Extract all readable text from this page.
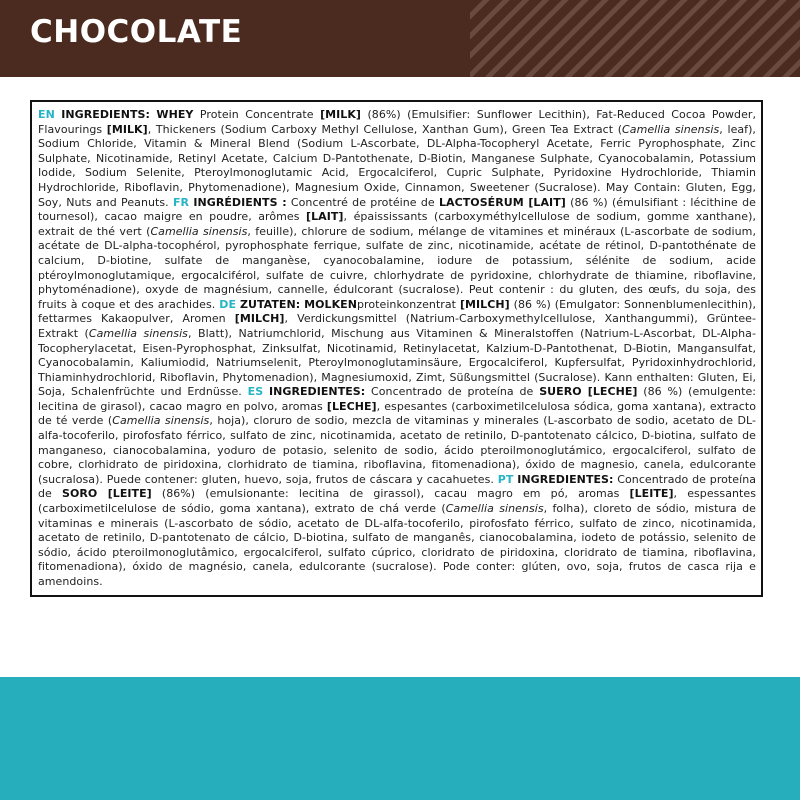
CHOCOLATE
EN INGREDIENTS: WHEY Protein Concentrate [MILK] (86%) (Emulsifier: Sunflower Lecithin), Fat-Reduced Cocoa Powder, Flavourings [MILK], Thickeners (Sodium Carboxy Methyl Cellulose, Xanthan Gum), Green Tea Extract (Camellia sinensis, leaf), Sodium Chloride, Vitamin & Mineral Blend (Sodium L-Ascorbate, DL-Alpha-Tocopheryl Acetate, Ferric Pyrophosphate, Zinc Sulphate, Nicotinamide, Retinyl Acetate, Calcium D-Pantothenate, D-Biotin, Manganese Sulphate, Cyanocobalamin, Potassium Iodide, Sodium Selenite, Pteroylmonoglutamic Acid, Ergocalciferol, Cupric Sulphate, Pyridoxine Hydrochloride, Thiamin Hydrochloride, Riboflavin, Phytomenadione), Magnesium Oxide, Cinnamon, Sweetener (Sucralose). May Contain: Gluten, Egg, Soy, Nuts and Peanuts. FR INGRÉDIENTS : Concentré de protéine de LACTOSÉRUM [LAIT] (86 %) (émulsifiant : lécithine de tournesol), cacao maigre en poudre, arômes [LAIT], épaississants (carboxyméthylcellulose de sodium, gomme xanthane), extrait de thé vert (Camellia sinensis, feuille), chlorure de sodium, mélange de vitamines et minéraux (L-ascorbate de sodium, acétate de DL-alpha-tocophérol, pyrophosphate ferrique, sulfate de zinc, nicotinamide, acétate de rétinol, D-pantothénate de calcium, D-biotine, sulfate de manganèse, cyanocobalamine, iodure de potassium, sélénite de sodium, acide ptéroylmonoglutamique, ergocalciférol, sulfate de cuivre, chlorhydrate de pyridoxine, chlorhydrate de thiamine, riboflavine, phytoménadione), oxyde de magnésium, cannelle, édulcorant (sucralose). Peut contenir : du gluten, des œufs, du soja, des fruits à coque et des arachides. DE ZUTATEN: MOLKENproteinkonzentrat [MILCH] (86 %) (Emulgator: Sonnenblumenlecithin), fettarmes Kakaopulver, Aromen [MILCH], Verdickungsmittel (Natrium-Carboxymethylcellulose, Xanthangummi), Grüntee-Extrakt (Camellia sinensis, Blatt), Natriumchlorid, Mischung aus Vitaminen & Mineralstoffen (Natrium-L-Ascorbat, DL-Alpha-Tocopherylacetat, Eisen-Pyrophosphat, Zinksulfat, Nicotinamid, Retinylacetat, Kalzium-D-Pantothenat, D-Biotin, Mangansulfat, Cyanocobalamin, Kaliumiodid, Natriumselenit, Pteroylmonoglutaminsäure, Ergocalciferol, Kupfersulfat, Pyridoxinhydrochlorid, Thiaminhydrochlorid, Riboflavin, Phytomenadion), Magnesiumoxid, Zimt, Süßungsmittel (Sucralose). Kann enthalten: Gluten, Ei, Soja, Schalenfrüchte und Erdnüsse. ES INGREDIENTES: Concentrado de proteína de SUERO [LECHE] (86 %) (emulgente: lecitina de girasol), cacao magro en polvo, aromas [LECHE], espesantes (carboximetilcelulosa sódica, goma xantana), extracto de té verde (Camellia sinensis, hoja), cloruro de sodio, mezcla de vitaminas y minerales (L-ascorbato de sodio, acetato de DL-alfa-tocoferilo, pirofosfato férrico, sulfato de zinc, nicotinamida, acetato de retinilo, D-pantotenato cálcico, D-biotina, sulfato de manganeso, cianocobalamina, yoduro de potasio, selenito de sodio, ácido pteroilmonoglutámico, ergocalciferol, sulfato de cobre, clorhidrato de piridoxina, clorhidrato de tiamina, riboflavina, fitomenadiona), óxido de magnesio, canela, edulcorante (sucralosa). Puede contener: gluten, huevo, soja, frutos de cáscara y cacahuetes. PT INGREDIENTES: Concentrado de proteína de SORO [LEITE] (86%) (emulsionante: lecitina de girassol), cacau magro em pó, aromas [LEITE], espessantes (carboximetilcelulose de sódio, goma xantana), extrato de chá verde (Camellia sinensis, folha), cloreto de sódio, mistura de vitaminas e minerais (L-ascorbato de sódio, acetato de DL-alfa-tocoferilo, pirofosfato férrico, sulfato de zinco, nicotinamida, acetato de retinilo, D-pantotenato de cálcio, D-biotina, sulfato de manganês, cianocobalamina, iodeto de potássio, selenito de sódio, ácido pteroilmonoglutâmico, ergocalciferol, sulfato cúprico, cloridrato de piridoxina, cloridrato de tiamina, riboflavina, fitomenadiona), óxido de magnésio, canela, edulcorante (sucralose). Pode conter: glúten, ovo, soja, frutos de casca rija e amendoins.
